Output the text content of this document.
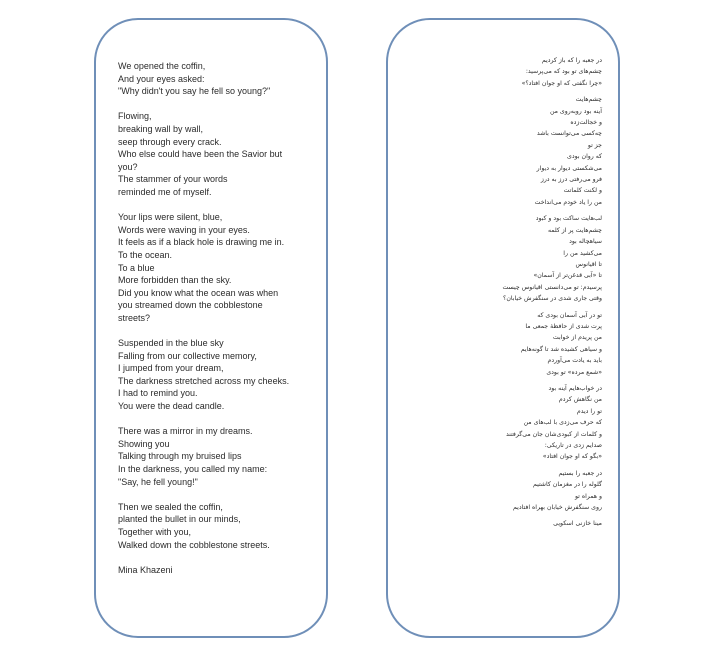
We opened the coffin,
And your eyes asked:
"Why didn't you say he fell so young?"
Flowing,
breaking wall by wall,
seep through every crack.
Who else could have been the Savior but
you?
The stammer of your words
reminded me of myself.
Your lips were silent, blue,
Words were waving in your eyes.
It feels as if a black hole is drawing me in.
To the ocean.
To a blue
More forbidden than the sky.
Did you know what the ocean was when
you streamed down the cobblestone
streets?
Suspended in the blue sky
Falling from our collective memory,
I jumped from your dream,
The darkness stretched across my cheeks.
I had to remind you.
You were the dead candle.
There was a mirror in my dreams.
Showing you
Talking through my bruised lips
In the darkness, you called my name:
"Say, he fell young!"
Then we sealed the coffin,
planted the bullet in our minds,
Together with you,
Walked down the cobblestone streets.
Mina Khazeni
در جعبه را که باز کردیم
چشم‌های تو بود که می‌پرسید:
«چرا نگفتی که او جوان افتاد؟»
چشم‌هایت
آینه بود روبه‌روی من
و خجالت‌زده
چه‌کسی می‌توانست باشد
جز تو
که روان بودی
می‌شکستی دیوار به دیوار
فرو می‌رفتی درز به درز
و لکنت کلماتت
من را یاد خودم می‌انداخت
لب‌هایت ساکت بود و کبود
چشم‌هایت پر از کلمه
سیاهچاله بود
می‌کشید من را
تا اقیانوس
تا «آبی قدغن‌تر از آسمان»
پرسیدم: تو می‌دانستی اقیانوس چیست
وقتی جاری شدی در سنگفرش خیابان؟
تو در آبی آسمان بودی که
پرت شدی از حافظهٔ جمعی ما
من پریدم از خوابت
و سیاهی کشیده شد تا گونه‌هایم
باید به یادت می‌آوردم
«شمع مرده» تو بودی
در خواب‌هایم آینه بود
من نگاهش کردم
تو را دیدم
که حرف می‌زدی با لب‌های من
و کلمات از کبودی‌شان جان می‌گرفتند
صدایم زدی در تاریکی:
«بگو که او جوان افتاد»
در جعبه را بستیم
گلوله را در مغزمان کاشتیم
و همراه تو
روی سنگفرش خیابان بهراه افتادیم
مینا خازنی اسکویی
